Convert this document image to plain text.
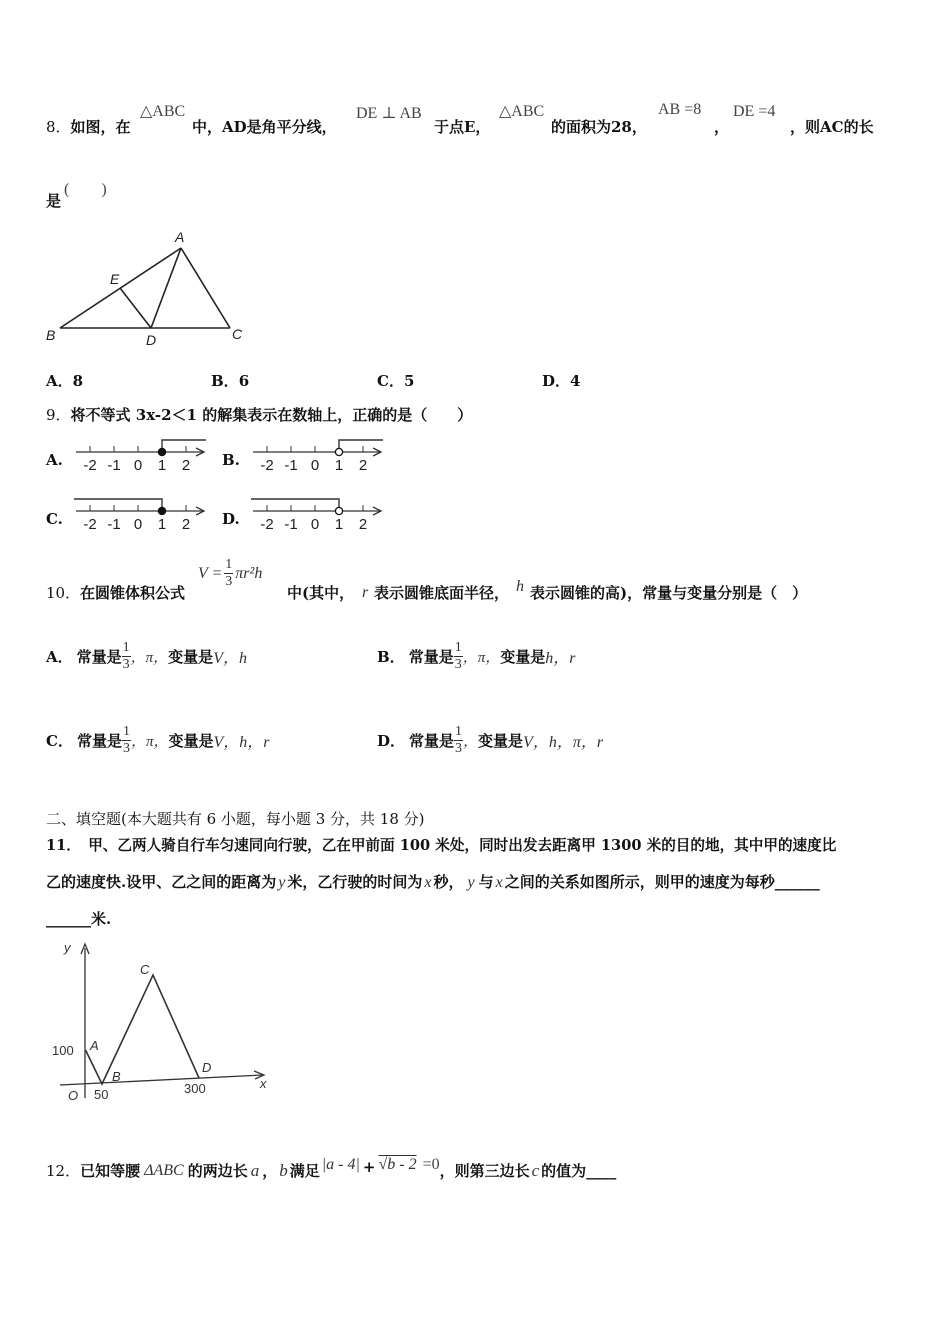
8．如图，在
△ABC
中，AD是角平分线，
DE ⊥ AB
于点E，
△ABC
的面积为28，
AB =8
，
DE =4
，则AC的长
是
(　　)
A
B	C
D
E
A．8	B．6	C．5	D．4
9．将不等式 3x-2＜1 的解集表示在数轴上，正确的是（　　）
A.	B.
C.	D.
-2 -1 0 1 2	-2 -1 0 1 2
-2 -1 0 1 2	-2 -1 0 1 2
10． 在圆锥体积公式
$V = \frac{1}{3} \pi r^2h$
中(其中， r 表示圆锥底面半径， h 表示圆锥的高)，常量与变量分别是（　）
A． 常量是 $\frac{1}{3}$ ，π， 变量是 V，h	B． 常量是 $\frac{1}{3}$ ，π， 变量是 h，r
C． 常量是 $\frac{1}{3}$ ，π， 变量是 V，h，r	D． 常量是 $\frac{1}{3}$ ， 变量是 V，h，π，r
二、填空题(本大题共有 6 小题，每小题 3 分，共 18 分)
11．　甲、乙两人骑自行车匀速同向行驶，乙在甲前面 100 米处，同时出发去距离甲 1300 米的目的地，其中甲的速度比
乙的速度快.设甲、乙之间的距离为 y 米，乙行驶的时间为 x 秒， y 与 x 之间的关系如图所示，则甲的速度为每秒 ______
______米.
y
x
O
A
B
C
D
100
50	300
12． 已知等腰 ΔABC 的两边长 a ， b 满足 |a - 4| + √b - 2 =0 ，则第三边长 c 的值为 ____
